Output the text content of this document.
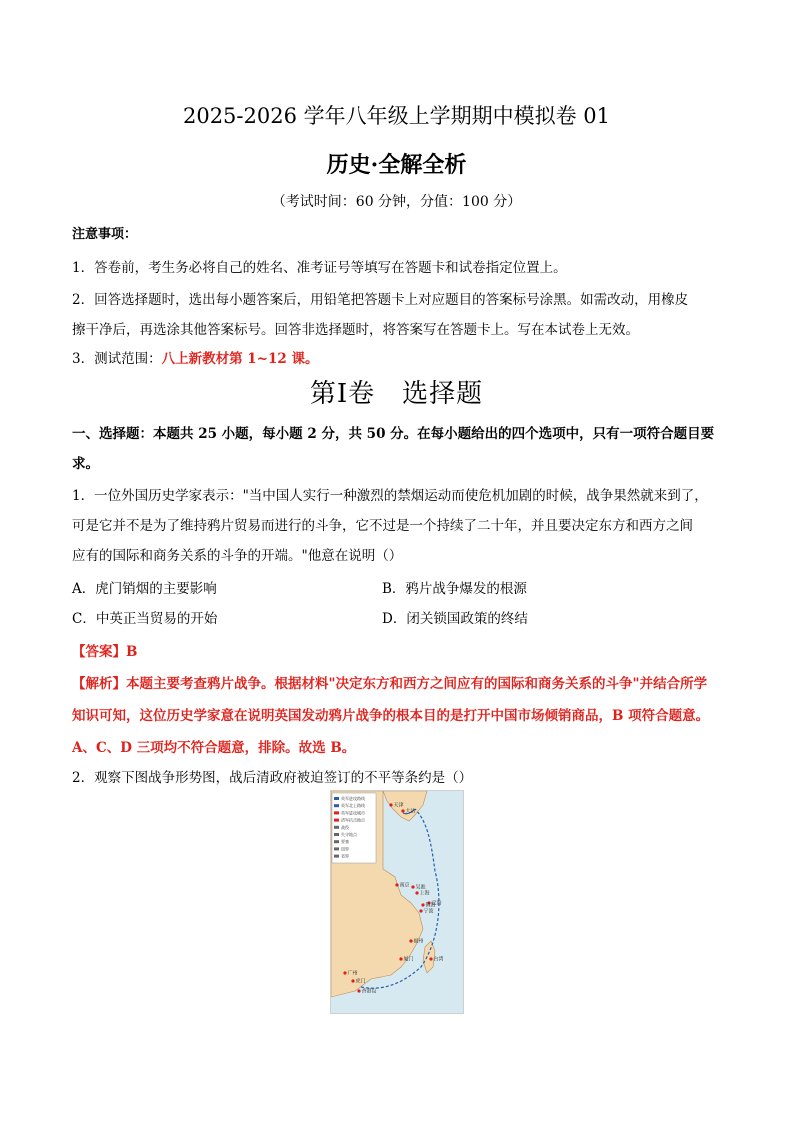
2025-2026 学年八年级上学期期中模拟卷 01
历史·全解全析
（考试时间：60 分钟，分值：100 分）
注意事项：
1．答卷前，考生务必将自己的姓名、准考证号等填写在答题卡和试卷指定位置上。
2．回答选择题时，选出每小题答案后，用铅笔把答题卡上对应题目的答案标号涂黑。如需改动，用橡皮
擦干净后，再选涂其他答案标号。回答非选择题时，将答案写在答题卡上。写在本试卷上无效。
3．测试范围：八上新教材第 1~12 课。
第Ⅰ卷　选择题
一、选择题：本题共 25 小题，每小题 2 分，共 50 分。在每小题给出的四个选项中，只有一项符合题目要
求。
1．一位外国历史学家表示："当中国人实行一种激烈的禁烟运动而使危机加剧的时候，战争果然就来到了，
可是它并不是为了维持鸦片贸易而进行的斗争，它不过是一个持续了二十年，并且要决定东方和西方之间
应有的国际和商务关系的斗争的开端。"他意在说明（）
A．虎门销烟的主要影响	B．鸦片战争爆发的根源
C．中英正当贸易的开始	D．闭关锁国政策的终结
【答案】B
【解析】本题主要考查鸦片战争。根据材料"决定东方和西方之间应有的国际和商务关系的斗争"并结合所学
知识可知，这位历史学家意在说明英国发动鸦片战争的根本目的是打开中国市场倾销商品，B 项符合题意。
A、C、D 三项均不符合题意，排除。故选 B。
2．观察下图战争形势图，战后清政府被迫签订的不平等条约是（）
英军进攻路线
英军北上路线
英军进攻城市
清军抗击地点
战役
失守地点
要塞
国界
省界
天津
大沽
定海
宁波
镇海
上海
吴淞
南京
福州
厦门	台湾
广州
虎门
香港岛
